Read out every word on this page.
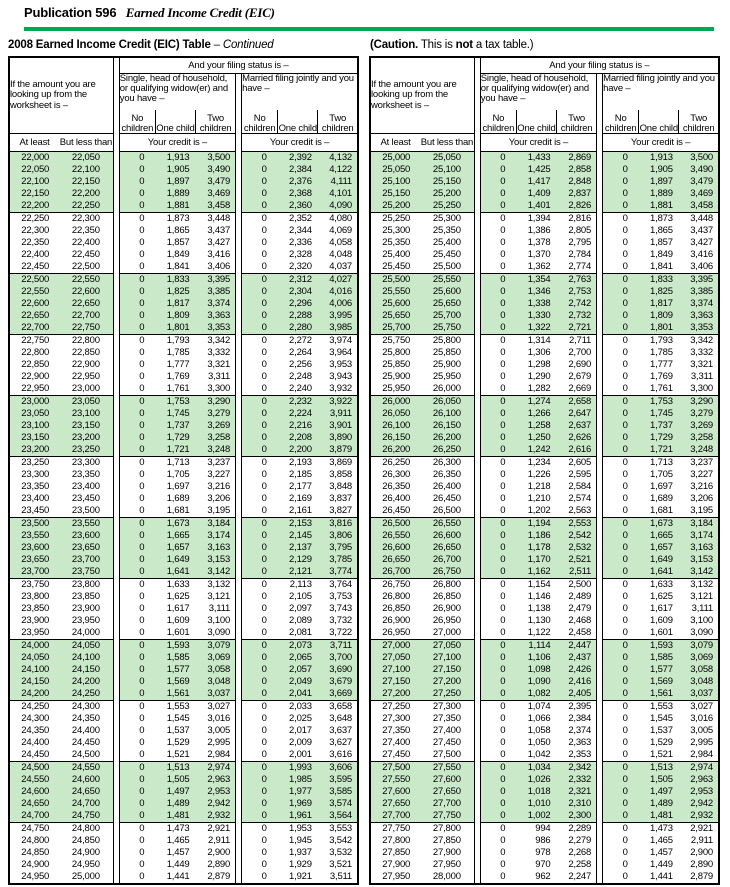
Publication 596 Earned Income Credit (EIC)
2008 Earned Income Credit (EIC) Table – Continued	(Caution. This is not a tax table.)
If the amount you are looking up from the worksheet is –			And your filing status is –						
			Single, head of household, or qualifying widow(er) and you have –				Married filing jointly and you have –		
			No children	One child	Two children		No children	One child	Two children
At least	But less than		Your credit is –				Your credit is –		
22,000	22,050		0	1,913	3,500		0	2,392	4,132
22,050	22,100		0	1,905	3,490		0	2,384	4,122
22,100	22,150		0	1,897	3,479		0	2,376	4,111
22,150	22,200		0	1,889	3,469		0	2,368	4,101
22,200	22,250		0	1,881	3,458		0	2,360	4,090
22,250	22,300		0	1,873	3,448		0	2,352	4,080
22,300	22,350		0	1,865	3,437		0	2,344	4,069
22,350	22,400		0	1,857	3,427		0	2,336	4,058
22,400	22,450		0	1,849	3,416		0	2,328	4,048
22,450	22,500		0	1,841	3,406		0	2,320	4,037
22,500	22,550		0	1,833	3,395		0	2,312	4,027
22,550	22,600		0	1,825	3,385		0	2,304	4,016
22,600	22,650		0	1,817	3,374		0	2,296	4,006
22,650	22,700		0	1,809	3,363		0	2,288	3,995
22,700	22,750		0	1,801	3,353		0	2,280	3,985
22,750	22,800		0	1,793	3,342		0	2,272	3,974
22,800	22,850		0	1,785	3,332		0	2,264	3,964
22,850	22,900		0	1,777	3,321		0	2,256	3,953
22,900	22,950		0	1,769	3,311		0	2,248	3,943
22,950	23,000		0	1,761	3,300		0	2,240	3,932
23,000	23,050		0	1,753	3,290		0	2,232	3,922
23,050	23,100		0	1,745	3,279		0	2,224	3,911
23,100	23,150		0	1,737	3,269		0	2,216	3,901
23,150	23,200		0	1,729	3,258		0	2,208	3,890
23,200	23,250		0	1,721	3,248		0	2,200	3,879
23,250	23,300		0	1,713	3,237		0	2,193	3,869
23,300	23,350		0	1,705	3,227		0	2,185	3,858
23,350	23,400		0	1,697	3,216		0	2,177	3,848
23,400	23,450		0	1,689	3,206		0	2,169	3,837
23,450	23,500		0	1,681	3,195		0	2,161	3,827
23,500	23,550		0	1,673	3,184		0	2,153	3,816
23,550	23,600		0	1,665	3,174		0	2,145	3,806
23,600	23,650		0	1,657	3,163		0	2,137	3,795
23,650	23,700		0	1,649	3,153		0	2,129	3,785
23,700	23,750		0	1,641	3,142		0	2,121	3,774
23,750	23,800		0	1,633	3,132		0	2,113	3,764
23,800	23,850		0	1,625	3,121		0	2,105	3,753
23,850	23,900		0	1,617	3,111		0	2,097	3,743
23,900	23,950		0	1,609	3,100		0	2,089	3,732
23,950	24,000		0	1,601	3,090		0	2,081	3,722
24,000	24,050		0	1,593	3,079		0	2,073	3,711
24,050	24,100		0	1,585	3,069		0	2,065	3,700
24,100	24,150		0	1,577	3,058		0	2,057	3,690
24,150	24,200		0	1,569	3,048		0	2,049	3,679
24,200	24,250		0	1,561	3,037		0	2,041	3,669
24,250	24,300		0	1,553	3,027		0	2,033	3,658
24,300	24,350		0	1,545	3,016		0	2,025	3,648
24,350	24,400		0	1,537	3,005		0	2,017	3,637
24,400	24,450		0	1,529	2,995		0	2,009	3,627
24,450	24,500		0	1,521	2,984		0	2,001	3,616
24,500	24,550		0	1,513	2,974		0	1,993	3,606
24,550	24,600		0	1,505	2,963		0	1,985	3,595
24,600	24,650		0	1,497	2,953		0	1,977	3,585
24,650	24,700		0	1,489	2,942		0	1,969	3,574
24,700	24,750		0	1,481	2,932		0	1,961	3,564
24,750	24,800		0	1,473	2,921		0	1,953	3,553
24,800	24,850		0	1,465	2,911		0	1,945	3,542
24,850	24,900		0	1,457	2,900		0	1,937	3,532
24,900	24,950		0	1,449	2,890		0	1,929	3,521
24,950	25,000		0	1,441	2,879		0	1,921	3,511
If the amount you are looking up from the worksheet is –			And your filing status is –						
			Single, head of household, or qualifying widow(er) and you have –				Married filing jointly and you have –		
			No children	One child	Two children		No children	One child	Two children
At least	But less than		Your credit is –				Your credit is –		
25,000	25,050		0	1,433	2,869		0	1,913	3,500
25,050	25,100		0	1,425	2,858		0	1,905	3,490
25,100	25,150		0	1,417	2,848		0	1,897	3,479
25,150	25,200		0	1,409	2,837		0	1,889	3,469
25,200	25,250		0	1,401	2,826		0	1,881	3,458
25,250	25,300		0	1,394	2,816		0	1,873	3,448
25,300	25,350		0	1,386	2,805		0	1,865	3,437
25,350	25,400		0	1,378	2,795		0	1,857	3,427
25,400	25,450		0	1,370	2,784		0	1,849	3,416
25,450	25,500		0	1,362	2,774		0	1,841	3,406
25,500	25,550		0	1,354	2,763		0	1,833	3,395
25,550	25,600		0	1,346	2,753		0	1,825	3,385
25,600	25,650		0	1,338	2,742		0	1,817	3,374
25,650	25,700		0	1,330	2,732		0	1,809	3,363
25,700	25,750		0	1,322	2,721		0	1,801	3,353
25,750	25,800		0	1,314	2,711		0	1,793	3,342
25,800	25,850		0	1,306	2,700		0	1,785	3,332
25,850	25,900		0	1,298	2,690		0	1,777	3,321
25,900	25,950		0	1,290	2,679		0	1,769	3,311
25,950	26,000		0	1,282	2,669		0	1,761	3,300
26,000	26,050		0	1,274	2,658		0	1,753	3,290
26,050	26,100		0	1,266	2,647		0	1,745	3,279
26,100	26,150		0	1,258	2,637		0	1,737	3,269
26,150	26,200		0	1,250	2,626		0	1,729	3,258
26,200	26,250		0	1,242	2,616		0	1,721	3,248
26,250	26,300		0	1,234	2,605		0	1,713	3,237
26,300	26,350		0	1,226	2,595		0	1,705	3,227
26,350	26,400		0	1,218	2,584		0	1,697	3,216
26,400	26,450		0	1,210	2,574		0	1,689	3,206
26,450	26,500		0	1,202	2,563		0	1,681	3,195
26,500	26,550		0	1,194	2,553		0	1,673	3,184
26,550	26,600		0	1,186	2,542		0	1,665	3,174
26,600	26,650		0	1,178	2,532		0	1,657	3,163
26,650	26,700		0	1,170	2,521		0	1,649	3,153
26,700	26,750		0	1,162	2,511		0	1,641	3,142
26,750	26,800		0	1,154	2,500		0	1,633	3,132
26,800	26,850		0	1,146	2,489		0	1,625	3,121
26,850	26,900		0	1,138	2,479		0	1,617	3,111
26,900	26,950		0	1,130	2,468		0	1,609	3,100
26,950	27,000		0	1,122	2,458		0	1,601	3,090
27,000	27,050		0	1,114	2,447		0	1,593	3,079
27,050	27,100		0	1,106	2,437		0	1,585	3,069
27,100	27,150		0	1,098	2,426		0	1,577	3,058
27,150	27,200		0	1,090	2,416		0	1,569	3,048
27,200	27,250		0	1,082	2,405		0	1,561	3,037
27,250	27,300		0	1,074	2,395		0	1,553	3,027
27,300	27,350		0	1,066	2,384		0	1,545	3,016
27,350	27,400		0	1,058	2,374		0	1,537	3,005
27,400	27,450		0	1,050	2,363		0	1,529	2,995
27,450	27,500		0	1,042	2,353		0	1,521	2,984
27,500	27,550		0	1,034	2,342		0	1,513	2,974
27,550	27,600		0	1,026	2,332		0	1,505	2,963
27,600	27,650		0	1,018	2,321		0	1,497	2,953
27,650	27,700		0	1,010	2,310		0	1,489	2,942
27,700	27,750		0	1,002	2,300		0	1,481	2,932
27,750	27,800		0	994	2,289		0	1,473	2,921
27,800	27,850		0	986	2,279		0	1,465	2,911
27,850	27,900		0	978	2,268		0	1,457	2,900
27,900	27,950		0	970	2,258		0	1,449	2,890
27,950	28,000		0	962	2,247		0	1,441	2,879
